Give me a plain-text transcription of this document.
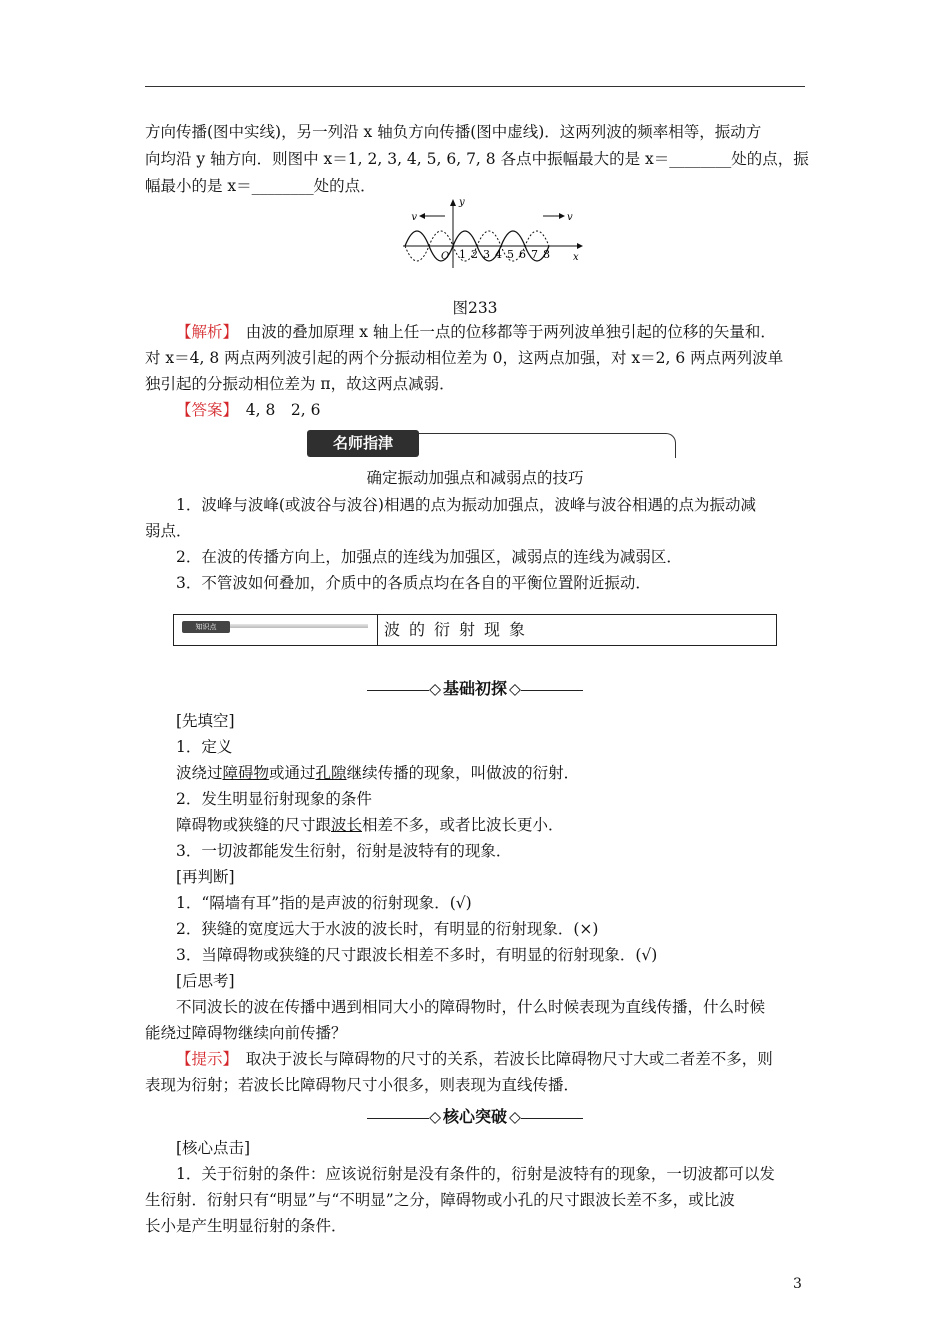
方向传播(图中实线)，另一列沿 x 轴负方向传播(图中虚线)．这两列波的频率相等，振动方

向均沿 y 轴方向．则图中 x＝1, 2, 3, 4, 5, 6, 7, 8 各点中振幅最大的是 x＝________处的点，振

幅最小的是 x＝________处的点．

v	v
y
x
O 1 2 3 4 5 6 7 8
图233

【解析】　 由波的叠加原理 x 轴上任一点的位移都等于两列波单独引起的位移的矢量和．

对 x＝4, 8 两点两列波引起的两个分振动相位差为 0，这两点加强，对 x＝2, 6 两点两列波单

独引起的分振动相位差为 π，故这两点减弱．

【答案】　 4, 8　2, 6

名师指津
确定振动加强点和减弱点的技巧

1．波峰与波峰(或波谷与波谷)相遇的点为振动加强点，波峰与波谷相遇的点为振动减

弱点．

2．在波的传播方向上，加强点的连线为加强区，减弱点的连线为减弱区．

3．不管波如何叠加，介质中的各质点均在各自的平衡位置附近振动．

知识点	波的衍射现象
◇ 基础初探 ◇

[先填空]

1．定义

波绕过障碍物或通过孔隙继续传播的现象，叫做波的衍射．

2．发生明显衍射现象的条件

障碍物或狭缝的尺寸跟波长相差不多，或者比波长更小．

3．一切波都能发生衍射，衍射是波特有的现象．

[再判断]

1．“隔墙有耳”指的是声波的衍射现象．(√)

2．狭缝的宽度远大于水波的波长时，有明显的衍射现象．(×)

3．当障碍物或狭缝的尺寸跟波长相差不多时，有明显的衍射现象．(√)

[后思考]

不同波长的波在传播中遇到相同大小的障碍物时，什么时候表现为直线传播，什么时候

能绕过障碍物继续向前传播？

【提示】　 取决于波长与障碍物的尺寸的关系，若波长比障碍物尺寸大或二者差不多，则

表现为衍射；若波长比障碍物尺寸小很多，则表现为直线传播．

◇ 核心突破 ◇

[核心点击]

1．关于衍射的条件：应该说衍射是没有条件的，衍射是波特有的现象，一切波都可以发

生衍射．衍射只有“明显”与“不明显”之分，障碍物或小孔的尺寸跟波长差不多，或比波

长小是产生明显衍射的条件．

3
